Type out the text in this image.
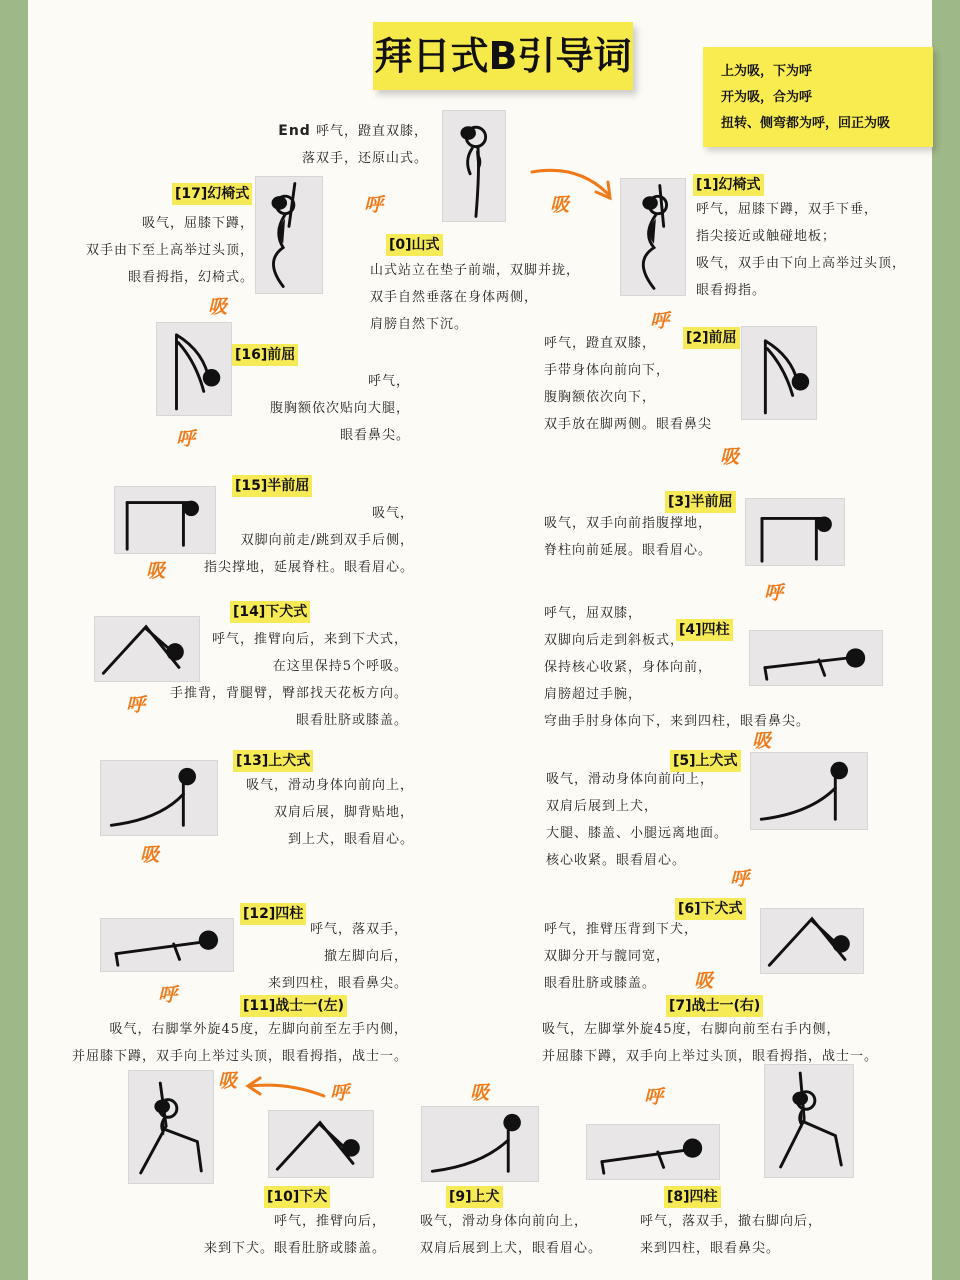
拜日式B引导词	上为吸，下为呼
开为吸，合为呼
扭转、侧弯都为呼，回正为吸
End 呼气，蹬直双膝，
落双手，还原山式。
[0]山式
山式站立在垫子前端，双脚并拢，
双手自然垂落在身体两侧，
肩膀自然下沉。
[1]幻椅式
呼气，屈膝下蹲，双手下垂，
指尖接近或触碰地板；
吸气，双手由下向上高举过头顶，
眼看拇指。
[17]幻椅式
吸气，屈膝下蹲，
双手由下至上高举过头顶，
眼看拇指，幻椅式。
[16]前屈
呼气，
腹胸额依次贴向大腿，
眼看鼻尖。
[2]前屈
呼气，蹬直双膝，
手带身体向前向下，
腹胸额依次向下，
双手放在脚两侧。眼看鼻尖
[15]半前屈
吸气，
双脚向前走/跳到双手后侧，
指尖撑地，延展脊柱。眼看眉心。
[3]半前屈
吸气，双手向前指腹撑地，
脊柱向前延展。眼看眉心。
[14]下犬式
呼气，推臂向后，来到下犬式，
在这里保持5个呼吸。
手推背，背腿臂，臀部找天花板方向。
眼看肚脐或膝盖。
[4]四柱
呼气，屈双膝，
双脚向后走到斜板式，
保持核心收紧，身体向前，
肩膀超过手腕，
穹曲手肘身体向下，来到四柱，眼看鼻尖。
[13]上犬式
吸气，滑动身体向前向上，
双肩后展，脚背贴地，
到上犬，眼看眉心。
[5]上犬式
吸气，滑动身体向前向上，
双肩后展到上犬，
大腿、膝盖、小腿远离地面。
核心收紧。眼看眉心。
[12]四柱
呼气，落双手，
撤左脚向后，
来到四柱，眼看鼻尖。
[6]下犬式
呼气，推臂压背到下犬，
双脚分开与髋同宽，
眼看肚脐或膝盖。
[11]战士一(左)
吸气，右脚掌外旋45度，左脚向前至左手内侧，
并屈膝下蹲，双手向上举过头顶，眼看拇指，战士一。
[7]战士一(右)
吸气，左脚掌外旋45度，右脚向前至右手内侧，
并屈膝下蹲，双手向上举过头顶，眼看拇指，战士一。
[10]下犬
呼气，推臂向后，
来到下犬。眼看肚脐或膝盖。
[9]上犬
吸气，滑动身体向前向上，
双肩后展到上犬，眼看眉心。
[8]四柱
呼气，落双手，撤右脚向后，
来到四柱，眼看鼻尖。
呼	吸
吸
呼
呼
吸
吸
呼
呼
吸
吸
呼
呼
吸
吸
呼	吸	呼
